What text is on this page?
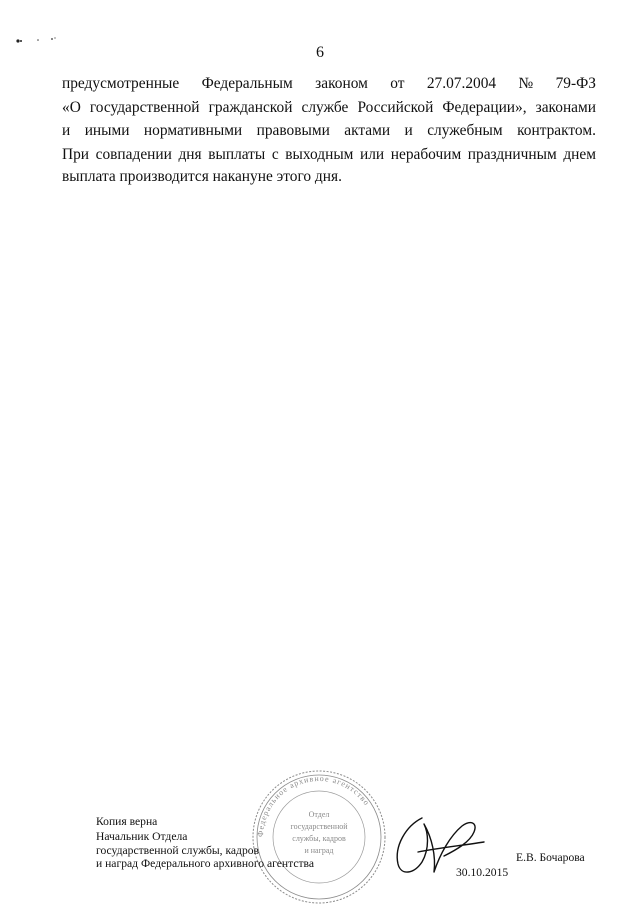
6
предусмотренные Федеральным законом от 27.07.2004 № 79-ФЗ
«О государственной гражданской службе Российской Федерации», законами
и иными нормативными правовыми актами и служебным контрактом.
При совпадении дня выплаты с выходным или нерабочим праздничным днем
выплата производится накануне этого дня.
Федеральное архивное агентство
Отдел
государственной
службы, кадров
и наград
Копия верна
Начальник Отдела
государственной службы, кадров
и наград Федерального архивного агентства
30.10.2015
Е.В. Бочарова
